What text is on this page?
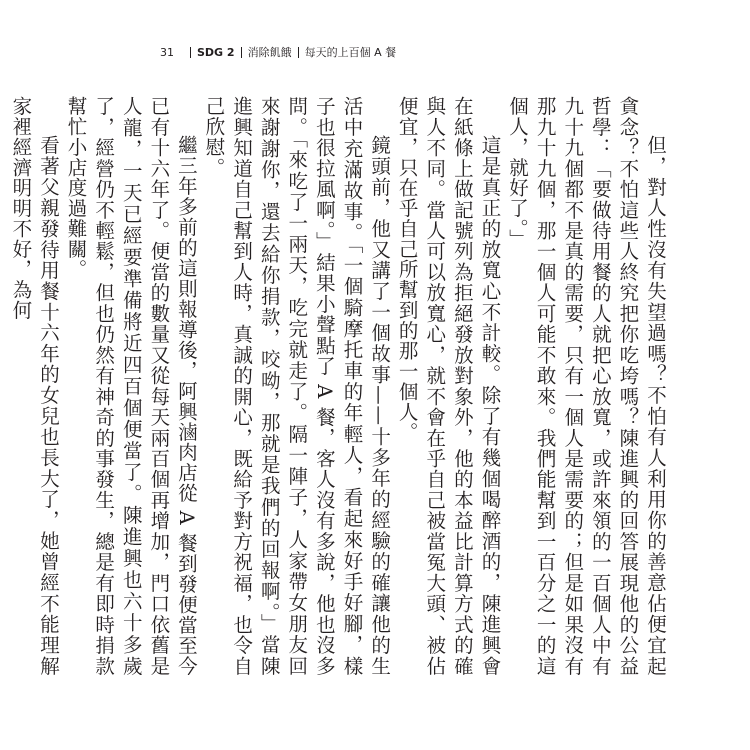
31 SDG 2 消除飢餓 每天的上百個 A 餐

但，對人性沒有失望過嗎？不怕有人利用你的善意佔便宜起貪念？不怕這些人終究把你吃垮嗎？陳進興的回答展現他的公益哲學：「要做待用餐的人就把心放寬，或許來領的一百個人中有九十九個都不是真的需要，只有一個人是需要的；但是如果沒有那九十九個，那一個人可能不敢來。我們能幫到一百分之一的這個人，就好了。」

這是真正的放寬心不計較。除了有幾個喝醉酒的，陳進興會在紙條上做記號列為拒絕發放對象外，他的本益比計算方式的確與人不同。當人可以放寬心，就不會在乎自己被當冤大頭、被佔便宜，只在乎自己所幫到的那一個人。

鏡頭前，他又講了一個故事——十多年的經驗的確讓他的生活中充滿故事。「一個騎摩托車的年輕人，看起來好手好腳，樣子也很拉風啊。」結果小聲點了 A 餐，客人沒有多說，他也沒多問。「來吃了一兩天，吃完就走了。隔一陣子，人家帶女朋友回來謝謝你，還去給你捐款，咬呦，那就是我們的回報啊。」當陳進興知道自己幫到人時，真誠的開心，既給予對方祝福，也令自己欣慰。

繼三年多前的這則報導後，阿興滷肉店從 A 餐到發便當至今已有十六年了。便當的數量又從每天兩百個再增加，門口依舊是人龍，一天已經要準備將近四百個便當了。陳進興也六十多歲了，經營仍不輕鬆，但也仍然有神奇的事發生，總是有即時捐款幫忙小店度過難關。

看著父親發待用餐十六年的女兒也長大了，她曾經不能理解家裡經濟明明不好，為何
